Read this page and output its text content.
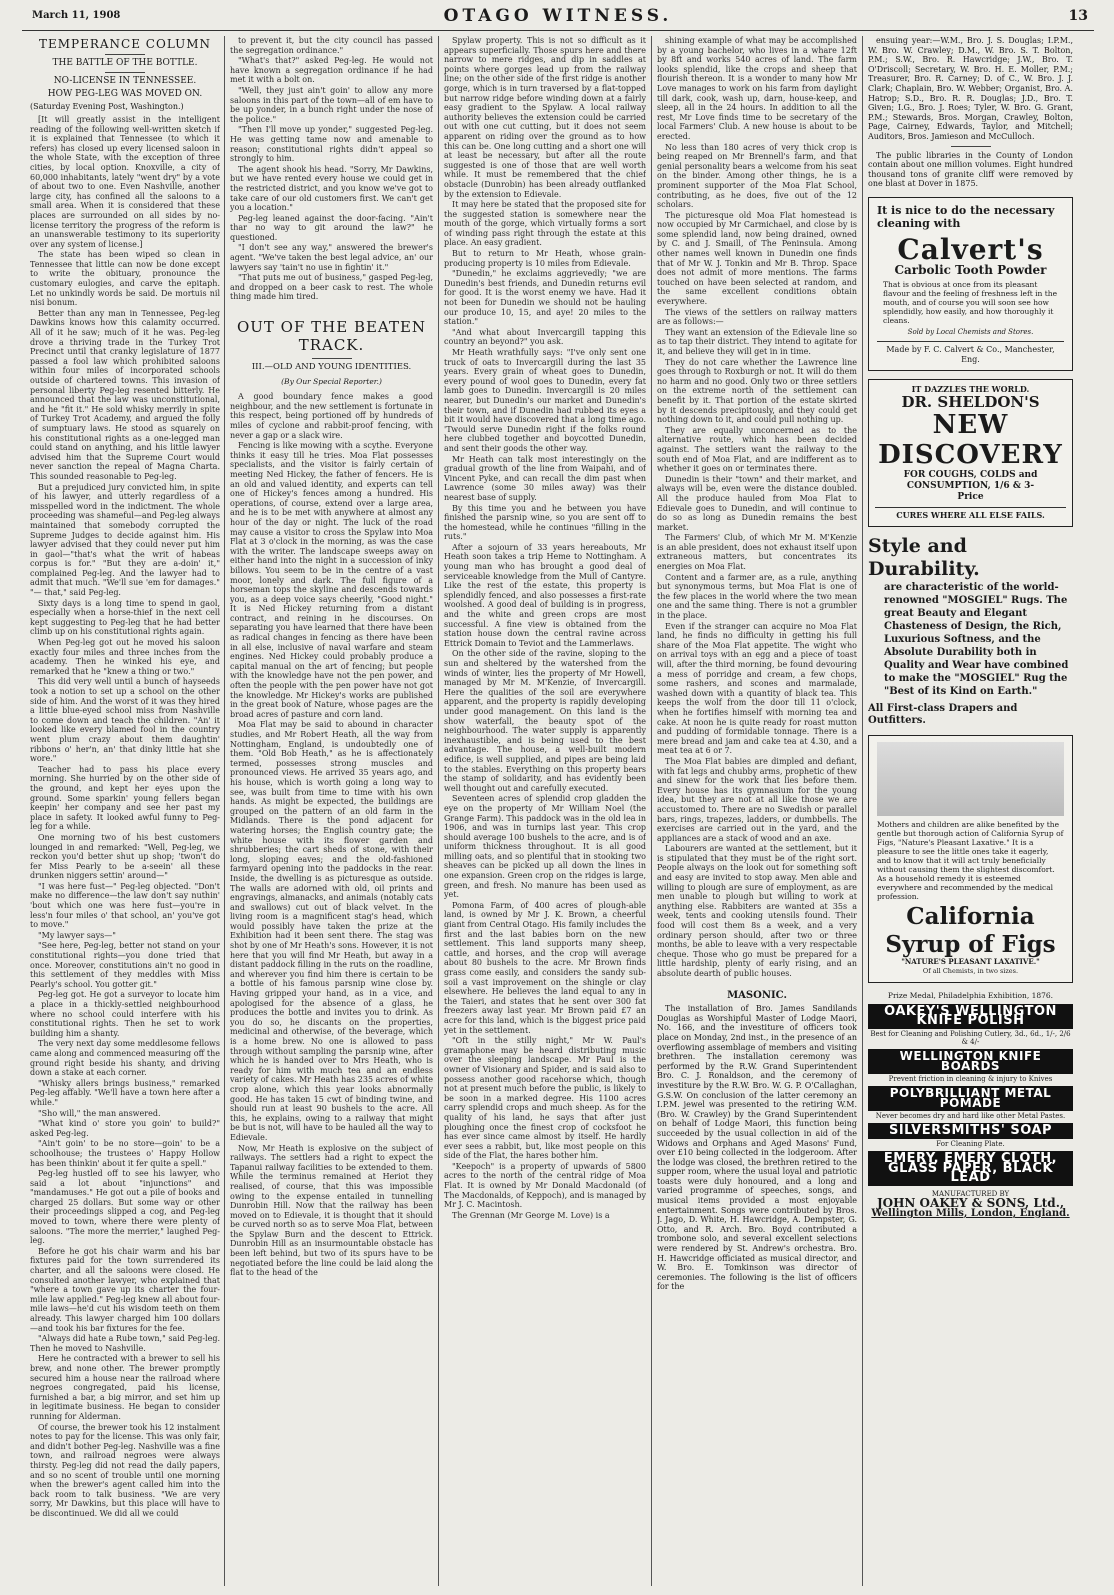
March 11, 1908	OTAGO WITNESS.	13
TEMPERANCE COLUMN
THE BATTLE OF THE BOTTLE.
NO-LICENSE IN TENNESSEE.
HOW PEG-LEG WAS MOVED ON.
(Saturday Evening Post, Washington.)

[It will greatly assist in the intelligent reading of the following well-written sketch if it is explained that Tennessee (to which it refers) has closed up every licensed saloon in the whole State, with the exception of three cities, by local option. Knoxville, a city of 60,000 inhabitants, lately "went dry" by a vote of about two to one. Even Nashville, another large city, has confined all the saloons to a small area. When it is considered that these places are surrounded on all sides by no-license territory the progress of the reform is an unanswerable testimony to its superiority over any system of license.]

The state has been wiped so clean in Tennessee that little can now be done except to write the obituary, pronounce the customary eulogies, and carve the epitaph. Let no unkindly words be said. De mortuis nil nisi bonum.

Better than any man in Tennessee, Peg-leg Dawkins knows how this calamity occurred. All of it he saw; much of it he was. Peg-leg drove a thriving trade in the Turkey Trot Precinct until that cranky legislature of 1877 passed a fool law which prohibited saloons within four miles of incorporated schools outside of chartered towns. This invasion of personal liberty Peg-leg resented bitterly. He announced that the law was unconstitutional, and he "fit it." He sold whisky merrily in spite of Turkey Trot Academy, and argued the folly of sumptuary laws. He stood as squarely on his constitutional rights as a one-legged man could stand on anything, and his little lawyer advised him that the Supreme Court would never sanction the repeal of Magna Charta. This sounded reasonable to Peg-leg.

But a prejudiced jury convicted him, in spite of his lawyer, and utterly regardless of a misspelled word in the indictment. The whole proceeding was shameful—and Peg-leg always maintained that somebody corrupted the Supreme Judges to decide against him. His lawyer advised that they could never put him in gaol—"that's what the writ of habeas corpus is for." "But they are a-doin' it," complained Peg-leg. And the lawyer had to admit that much. "We'll sue 'em for damages." "— that," said Peg-leg.

Sixty days is a long time to spend in gaol, especially when a horse-thief in the next cell kept suggesting to Peg-leg that he had better climb up on his constitutional rights again.

When Peg-leg got out he moved his saloon exactly four miles and three inches from the academy. Then he winked his eye, and remarked that he "knew a thing or two."

This did very well until a bunch of hayseeds took a notion to set up a school on the other side of him. And the worst of it was they hired a little blue-eyed school miss from Nashville to come down and teach the children. "An' it looked like every blamed fool in the country went plum crazy about them daughtin' ribbons o' her'n, an' that dinky little hat she wore."

Teacher had to pass his place every morning. She hurried by on the other side of the ground, and kept her eyes upon the ground. Some sparkin' young fellers began keepin' her company and see her past my place in safety. It looked awful funny to Peg-leg for a while.

One morning two of his best customers lounged in and remarked: "Well, Peg-leg, we reckon you'd better shut up shop; 'twon't do fer Miss Pearly to be a-seein' all these drunken niggers settin' around—"

"I was here fust—" Peg-leg objected. "Don't make no difference—the law don't say nuthin' 'bout which one was here fust—you're in less'n four miles o' that school, an' you've got to move."

"My lawyer says—"

"See here, Peg-leg, better not stand on your constitutional rights—you done tried that once. Moreover, constitutions ain't no good in this settlement of they meddles with Miss Pearly's school. You gotter git."

Peg-leg got. He got a surveyor to locate him a place in a thickly-settled neighbourhood where no school could interfere with his constitutional rights. Then he set to work building him a shanty.

The very next day some meddlesome fellows came along and commenced measuring off the ground right beside his shanty, and driving down a stake at each corner.

"Whisky allers brings business," remarked Peg-leg affably. "We'll have a town here after a while."

"Sho will," the man answered.

"What kind o' store you goin' to build?" asked Peg-leg.

"Ain't goin' to be no store—goin' to be a schoolhouse; the trustees o' Happy Hollow has been thinkin' about it fer quite a spell."

Peg-leg hustled off to see his lawyer, who said a lot about "injunctions" and "mandamuses." He got out a pile of books and charged 25 dollars. But some way or other their proceedings slipped a cog, and Peg-leg moved to town, where there were plenty of saloons. "The more the merrier," laughed Peg-leg.

Before he got his chair warm and his bar fixtures paid for the town surrendered its charter, and all the saloons were closed. He consulted another lawyer, who explained that "where a town gave up its charter the four-mile law applied." Peg-leg knew all about four-mile laws—he'd cut his wisdom teeth on them already. This lawyer charged him 100 dollars—and took his bar fixtures for the fee.

"Always did hate a Rube town," said Peg-leg. Then he moved to Nashville.

Here he contracted with a brewer to sell his brew, and none other. The brewer promptly secured him a house near the railroad where negroes congregated, paid his license, furnished a bar, a big mirror, and set him up in legitimate business. He began to consider running for Alderman.

Of course, the brewer took his 12 instalment notes to pay for the license. This was only fair, and didn't bother Peg-leg. Nashville was a fine town, and railroad negroes were always thirsty. Peg-leg did not read the daily papers, and so no scent of trouble until one morning when the brewer's agent called him into the back room to talk business. "We are very sorry, Mr Dawkins, but this place will have to be discontinued. We did all we could

to prevent it, but the city council has passed the segregation ordinance."

"What's that?" asked Peg-leg. He would not have known a segregation ordinance if he had met it with a bolt on.

"Well, they just ain't goin' to allow any more saloons in this part of the town—all of em have to be up yonder, in a bunch right under the nose of the police."

"Then I'll move up yonder," suggested Peg-leg. He was getting tame now and amenable to reason; constitutional rights didn't appeal so strongly to him.

The agent shook his head. "Sorry, Mr Dawkins, but we have rented every house we could get in the restricted district, and you know we've got to take care of our old customers first. We can't get you a location."

Peg-leg leaned against the door-facing. "Ain't thar no way to git around the law?" he questioned.

"I don't see any way," answered the brewer's agent. "We've taken the best legal advice, an' our lawyers say 'tain't no use in fightin' it."

"That puts me out of business," gasped Peg-leg, and dropped on a beer cask to rest. The whole thing made him tired.

OUT OF THE BEATEN TRACK.
III.—OLD AND YOUNG IDENTITIES.
(By Our Special Reporter.)

A good boundary fence makes a good neighbour, and the new settlement is fortunate in this respect, being portioned off by hundreds of miles of cyclone and rabbit-proof fencing, with never a gap or a slack wire.

Fencing is like mowing with a scythe. Everyone thinks it easy till he tries. Moa Flat possesses specialists, and the visitor is fairly certain of meeting Ned Hickey, the father of fencers. He is an old and valued identity, and experts can tell one of Hickey's fences among a hundred. His operations, of course, extend over a large area, and he is to be met with anywhere at almost any hour of the day or night. The luck of the road may cause a visitor to cross the Spylaw into Moa Flat at 3 o'clock in the morning, as was the case with the writer. The landscape sweeps away on either hand into the night in a succession of inky billows. You seem to be in the centre of a vast moor, lonely and dark. The full figure of a horseman tops the skyline and descends towards you, as a deep voice says cheerily, "Good night." It is Ned Hickey returning from a distant contract, and reining in he discourses. On separating you have learned that there have been as radical changes in fencing as there have been in all else, inclusive of naval warfare and steam engines. Ned Hickey could probably produce a capital manual on the art of fencing; but people with the knowledge have not the pen power, and often the people with the pen power have not got the knowledge. Mr Hickey's works are published in the great book of Nature, whose pages are the broad acres of pasture and corn land.

Moa Flat may be said to abound in character studies, and Mr Robert Heath, all the way from Nottingham, England, is undoubtedly one of them. "Old Bob Heath," as he is affectionately termed, possesses strong muscles and pronounced views. He arrived 35 years ago, and his house, which is worth going a long way to see, was built from time to time with his own hands. As might be expected, the buildings are grouped on the pattern of an old farm in the Midlands. There is the pond adjacent for watering horses; the English country gate; the white house with its flower garden and shrubberies; the cart sheds of stone, with their long, sloping eaves; and the old-fashioned farmyard opening into the paddocks in the rear. Inside, the dwelling is as picturesque as outside. The walls are adorned with old, oil prints and engravings, almanacks, and animals (notably cats and swallows) cut out of black velvet. In the living room is a magnificent stag's head, which would possibly have taken the prize at the Exhibition had it been sent there. The stag was shot by one of Mr Heath's sons. However, it is not here that you will find Mr Heath, but away in a distant paddock filling in the ruts on the roadline, and wherever you find him there is certain to be a bottle of his famous parsnip wine close by. Having gripped your hand, as in a vice, and apologised for the absence of a glass, he produces the bottle and invites you to drink. As you do so, he discants on the properties, medicinal and otherwise, of the beverage, which is a home brew. No one is allowed to pass through without sampling the parsnip wine, after which he is handed over to Mrs Heath, who is ready for him with much tea and an endless variety of cakes. Mr Heath has 235 acres of white crop alone, which this year looks abnormally good. He has taken 15 cwt of binding twine, and should run at least 90 bushels to the acre. All this, he explains, owing to a railway that might be but is not, will have to be hauled all the way to Edievale.

Now, Mr Heath is explosive on the subject of railways. The settlers had a right to expect the Tapanui railway facilities to be extended to them. While the terminus remained at Heriot they realised, of course, that this was impossible owing to the expense entailed in tunnelling Dunrobin Hill. Now that the railway has been moved on to Edievale, it is thought that it should be curved north so as to serve Moa Flat, between the Spylaw Burn and the descent to Ettrick. Dunrobin Hill as an insurmountable obstacle has been left behind, but two of its spurs have to be negotiated before the line could be laid along the flat to the head of the

Spylaw property. This is not so difficult as it appears superficially. Those spurs here and there narrow to mere ridges, and dip in saddles at points where gorges lead up from the railway line; on the other side of the first ridge is another gorge, which is in turn traversed by a flat-topped but narrow ridge before winding down at a fairly easy gradient to the Spylaw. A local railway authority believes the extension could be carried out with one cut cutting, but it does not seem apparent on riding over the ground as to how this can be. One long cutting and a short one will at least be necessary, but after all the route suggested is one of those that are well worth while. It must be remembered that the chief obstacle (Dunrobin) has been already outflanked by the extension to Edievale.

It may here be stated that the proposed site for the suggested station is somewhere near the mouth of the gorge, which virtually forms a sort of winding pass right through the estate at this place. An easy gradient.

But to return to Mr Heath, whose grain-producing property is 10 miles from Edievale.

"Dunedin," he exclaims aggrievedly; "we are Dunedin's best friends, and Dunedin returns evil for good. It is the worst enemy we have. Had it not been for Dunedin we should not be hauling our produce 10, 15, and aye! 20 miles to the station."

"And what about Invercargill tapping this country an beyond?" you ask.

Mr Heath wrathfully says: "I've only sent one truck of oats to Invercargill during the last 35 years. Every grain of wheat goes to Dunedin, every pound of wool goes to Dunedin, every fat lamb goes to Dunedin. Invercargill is 20 miles nearer, but Dunedin's our market and Dunedin's their town, and if Dunedin had rubbed its eyes a bit it would have discovered that a long time ago. 'Twould serve Dunedin right if the folks round here clubbed together and boycotted Dunedin, and sent their goods the other way.

Mr Heath can talk most interestingly on the gradual growth of the line from Waipahi, and of Vincent Pyke, and can recall the dim past when Lawrence (some 30 miles away) was their nearest base of supply.

By this time you and he between you have finished the parsnip wine, so you are sent off to the homestead, while he continues "filling in the ruts."

After a sojourn of 33 years hereabouts, Mr Heath soon takes a trip Heme to Nottingham. A young man who has brought a good deal of serviceable knowledge from the Mull of Cantyre. Like the rest of the estate, this property is splendidly fenced, and also possesses a first-rate woolshed. A good deal of building is in progress, and the white and green crops are most successful. A fine view is obtained from the station house down the central ravine across Ettrick Domain to Teviot and the Lammerlaws.

On the other side of the ravine, sloping to the sun and sheltered by the watershed from the winds of winter, lies the property of Mr Howell, managed by Mr M. M'Kenzie, of Invercargill. Here the qualities of the soil are everywhere apparent, and the property is rapidly developing under good management. On this land is the show waterfall, the beauty spot of the neighbourhood. The water supply is apparently inexhaustible, and is being used to the best advantage. The house, a well-built modern edifice, is well supplied, and pipes are being laid to the stables. Everything on this property bears the stamp of solidarity, and has evidently been well thought out and carefully executed.

Seventeen acres of splendid crop gladden the eye on the property of Mr William Noel (the Grange Farm). This paddock was in the old lea in 1906, and was in turnips last year. This crop should average 100 bushels to the acre, and is of uniform thickness throughout. It is all good milling oats, and so plentiful that in stooking two sheaves can be picked up all down the lines in one expansion. Green crop on the ridges is large, green, and fresh. No manure has been used as yet.

Pomona Farm, of 400 acres of plough-able land, is owned by Mr J. K. Brown, a cheerful giant from Central Otago. His family includes the first and the last babies born on the new settlement. This land supports many sheep, cattle, and horses, and the crop will average about 80 bushels to the acre. Mr Brown finds grass come easily, and considers the sandy sub-soil a vast improvement on the shingle or clay elsewhere. He believes the land equal to any in the Taieri, and states that he sent over 300 fat freezers away last year. Mr Brown paid £7 an acre for this land, which is the biggest price paid yet in the settlement.

"Oft in the stilly night," Mr W. Paul's gramaphone may be heard distributing music over the sleeping landscape. Mr Paul is the owner of Visionary and Spider, and is said also to possess another good racehorse which, though not at present much before the public, is likely to be soon in a marked degree. His 1100 acres carry splendid crops and much sheep. As for the quality of his land, he says that after just ploughing once the finest crop of cocksfoot he has ever since came almost by itself. He hardly ever sees a rabbit, but, like most people on this side of the Flat, the hares bother him.

"Keepoch" is a property of upwards of 5800 acres to the north of the central ridge of Moa Flat. It is owned by Mr Donald Macdonald (of The Macdonalds, of Keppoch), and is managed by Mr J. C. Macintosh.

The Grennan (Mr George M. Love) is a

shining example of what may be accomplished by a young bachelor, who lives in a whare 12ft by 8ft and works 540 acres of land. The farm looks splendid, like the crops and sheep that flourish thereon. It is a wonder to many how Mr Love manages to work on his farm from daylight till dark, cook, wash up, darn, house-keep, and sleep, all in the 24 hours. In addition to all the rest, Mr Love finds time to be secretary of the local Farmers' Club. A new house is about to be erected.

No less than 180 acres of very thick crop is being reaped on Mr Brennell's farm, and that genial personality bears a welcome from his seat on the binder. Among other things, he is a prominent supporter of the Moa Flat School, contributing, as he does, five out of the 12 scholars.

The picturesque old Moa Flat homestead is now occupied by Mr Carmichael, and close by is some splendid land, now being drained, owned by C. and J. Smaill, of The Peninsula. Among other names well known in Dunedin one finds that of Mr W. J. Tonkin and Mr B. Throp. Space does not admit of more mentions. The farms touched on have been selected at random, and the same excellent conditions obtain everywhere.

The views of the settlers on railway matters are as follows:—

They want an extension of the Edievale line so as to tap their district. They intend to agitate for it, and believe they will get in in time.

They do not care whether the Lawrence line goes through to Roxburgh or not. It will do them no harm and no good. Only two or three settlers on the extreme north of the settlement can benefit by it. That portion of the estate skirted by it descends precipitously, and they could get nothing down to it, and could pull nothing up.

They are equally unconcerned as to the alternative route, which has been decided against. The settlers want the railway to the south end of Moa Flat, and are indifferent as to whether it goes on or terminates there.

Dunedin is their "town" and their market, and always will be, even were the distance doubled. All the produce hauled from Moa Flat to Edievale goes to Dunedin, and will continue to do so as long as Dunedin remains the best market.

The Farmers' Club, of which Mr M. M'Kenzie is an able president, does not exhaust itself upon extraneous matters, but concentrates its energies on Moa Flat.

Content and a farmer are, as a rule, anything but synonymous terms, but Moa Flat is one of the few places in the world where the two mean one and the same thing. There is not a grumbler in the place.

Even if the stranger can acquire no Moa Flat land, he finds no difficulty in getting his full share of the Moa Flat appetite. The wight who on arrival toys with an egg and a piece of toast will, after the third morning, be found devouring a mess of porridge and cream, a few chops, some rashers, and scones and marmalade, washed down with a quantity of black tea. This keeps the wolf from the door till 11 o'clock, when he fortifies himself with morning tea and cake. At noon he is quite ready for roast mutton and pudding of formidable tonnage. There is a mere bread and jam and cake tea at 4.30, and a meat tea at 6 or 7.

The Moa Flat babies are dimpled and defiant, with fat legs and chubby arms, prophetic of thew and sinew for the work that lies before them. Every house has its gymnasium for the young idea, but they are not at all like those we are accustomed to. There are no Swedish or parallel bars, rings, trapezes, ladders, or dumbbells. The exercises are carried out in the yard, and the appliances are a stack of wood and an axe.

Labourers are wanted at the settlement, but it is stipulated that they must be of the right sort. People always on the look out for something soft and easy are invited to stop away. Men able and willing to plough are sure of employment, as are men unable to plough but willing to work at anything else. Rabbiters are wanted at 35s a week, tents and cooking utensils found. Their food will cost them 8s a week, and a very ordinary person should, after two or three months, be able to leave with a very respectable cheque. Those who go must be prepared for a little hardship, plenty of early rising, and an absolute dearth of public houses.

MASONIC.

The installation of Bro. James Sandilands Douglas as Worshipful Master of Lodge Maori, No. 166, and the investiture of officers took place on Monday, 2nd inst., in the presence of an overflowing assemblage of members and visiting brethren. The installation ceremony was performed by the R.W. Grand Superintendent Bro. C. J. Ronaldson, and the ceremony of investiture by the R.W. Bro. W. G. P. O'Callaghan, G.S.W. On conclusion of the latter ceremony an I.P.M. jewel was presented to the retiring W.M. (Bro. W. Crawley) by the Grand Superintendent on behalf of Lodge Maori, this function being succeeded by the usual collection in aid of the Widows and Orphans and Aged Masons' Fund, over £10 being collected in the lodgeroom. After the lodge was closed, the brethren retired to the supper room, where the usual loyal and patriotic toasts were duly honoured, and a long and varied programme of speeches, songs, and musical items provided a most enjoyable entertainment. Songs were contributed by Bros. J. Jago, D. White, H. Hawcridge, A. Dempster, G. Otto, and R. Arch. Bro. Boyd contributed a trombone solo, and several excellent selections were rendered by St. Andrew's orchestra. Bro. H. Hawcridge officiated as musical director, and W. Bro. E. Tomkinson was director of ceremonies. The following is the list of officers for the

ensuing year:—W.M., Bro. J. S. Douglas; I.P.M., W. Bro. W. Crawley; D.M., W. Bro. S. T. Bolton, P.M.; S.W., Bro. R. Hawcridge; J.W., Bro. T. O'Driscoll; Secretary, W. Bro. H. E. Moller, P.M.; Treasurer, Bro. R. Carney; D. of C., W. Bro. J. J. Clark; Chaplain, Bro. W. Webber; Organist, Bro. A. Hatrop; S.D., Bro. R. R. Douglas; J.D., Bro. T. Given; I.G., Bro. J. Roes; Tyler, W. Bro. G. Grant, P.M.; Stewards, Bros. Morgan, Crawley, Bolton, Page, Cairney, Edwards, Taylor, and Mitchell; Auditors, Bros. Jamieson and McCulloch.

The public libraries in the County of London contain about one million volumes. Eight hundred thousand tons of granite cliff were removed by one blast at Dover in 1875.

It is nice to do the necessary cleaning with
Calvert's
Carbolic Tooth Powder
That is obvious at once from its pleasant flavour and the feeling of freshness left in the mouth, and of course you will soon see how splendidly, how easily, and how thoroughly it cleans.
Sold by Local Chemists and Stores.
Made by F. C. Calvert & Co., Manchester, Eng.
IT DAZZLES THE WORLD.
DR. SHELDON'S
NEW DISCOVERY
FOR COUGHS, COLDS and CONSUMPTION, 1/6 & 3-
Price
CURES WHERE ALL ELSE FAILS.
Style and Durability.
are characteristic of the world-renowned "MOSGIEL" Rugs. The great Beauty and Elegant Chasteness of Design, the Rich, Luxurious Softness, and the Absolute Durability both in Quality and Wear have combined to make the "MOSGIEL" Rug the "Best of its Kind on Earth."
All First-class Drapers and Outfitters.
Mothers and children are alike benefited by the gentle but thorough action of California Syrup of Figs, "Nature's Pleasant Laxative." It is a pleasure to see the little ones take it eagerly, and to know that it will act truly beneficially without causing them the slightest discomfort. As a household remedy it is esteemed everywhere and recommended by the medical profession.
California
Syrup of Figs
"NATURE'S PLEASANT LAXATIVE."
Of all Chemists, in two sizes.
Prize Medal, Philadelphia Exhibition, 1876.
OAKEY'S WELLINGTON KNIFE POLISH
Best for Cleaning and Polishing Cutlery, 3d., 6d., 1/-, 2/6 & 4/-
WELLINGTON KNIFE BOARDS
Prevent friction in cleaning & injury to Knives
POLYBRILLIANT METAL POMADE
Never becomes dry and hard like other Metal Pastes.
SILVERSMITHS' SOAP
For Cleaning Plate.
EMERY, EMERY CLOTH, GLASS PAPER, BLACK LEAD
MANUFACTURED BY
JOHN OAKEY & SONS, Ltd.,
Wellington Mills, London, England.
